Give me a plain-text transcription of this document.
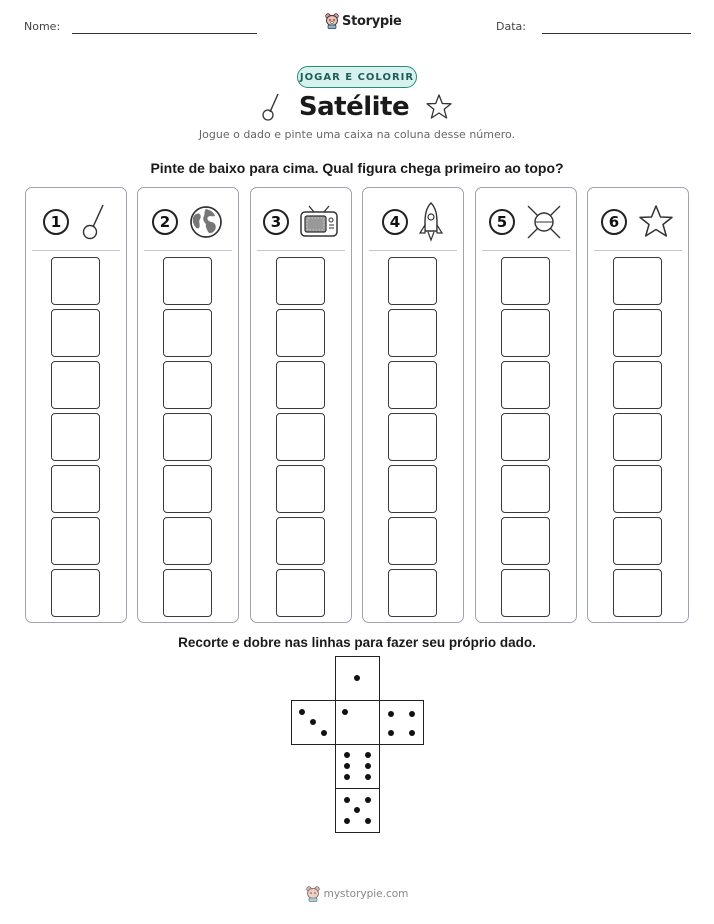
Nome:	Storypie	Data:
JOGAR E COLORIR
Satélite
Jogue o dado e pinte uma caixa na coluna desse número.
Pinte de baixo para cima. Qual figura chega primeiro ao topo?
1	2	3	4	5	6
Recorte e dobre nas linhas para fazer seu próprio dado.
mystorypie.com
